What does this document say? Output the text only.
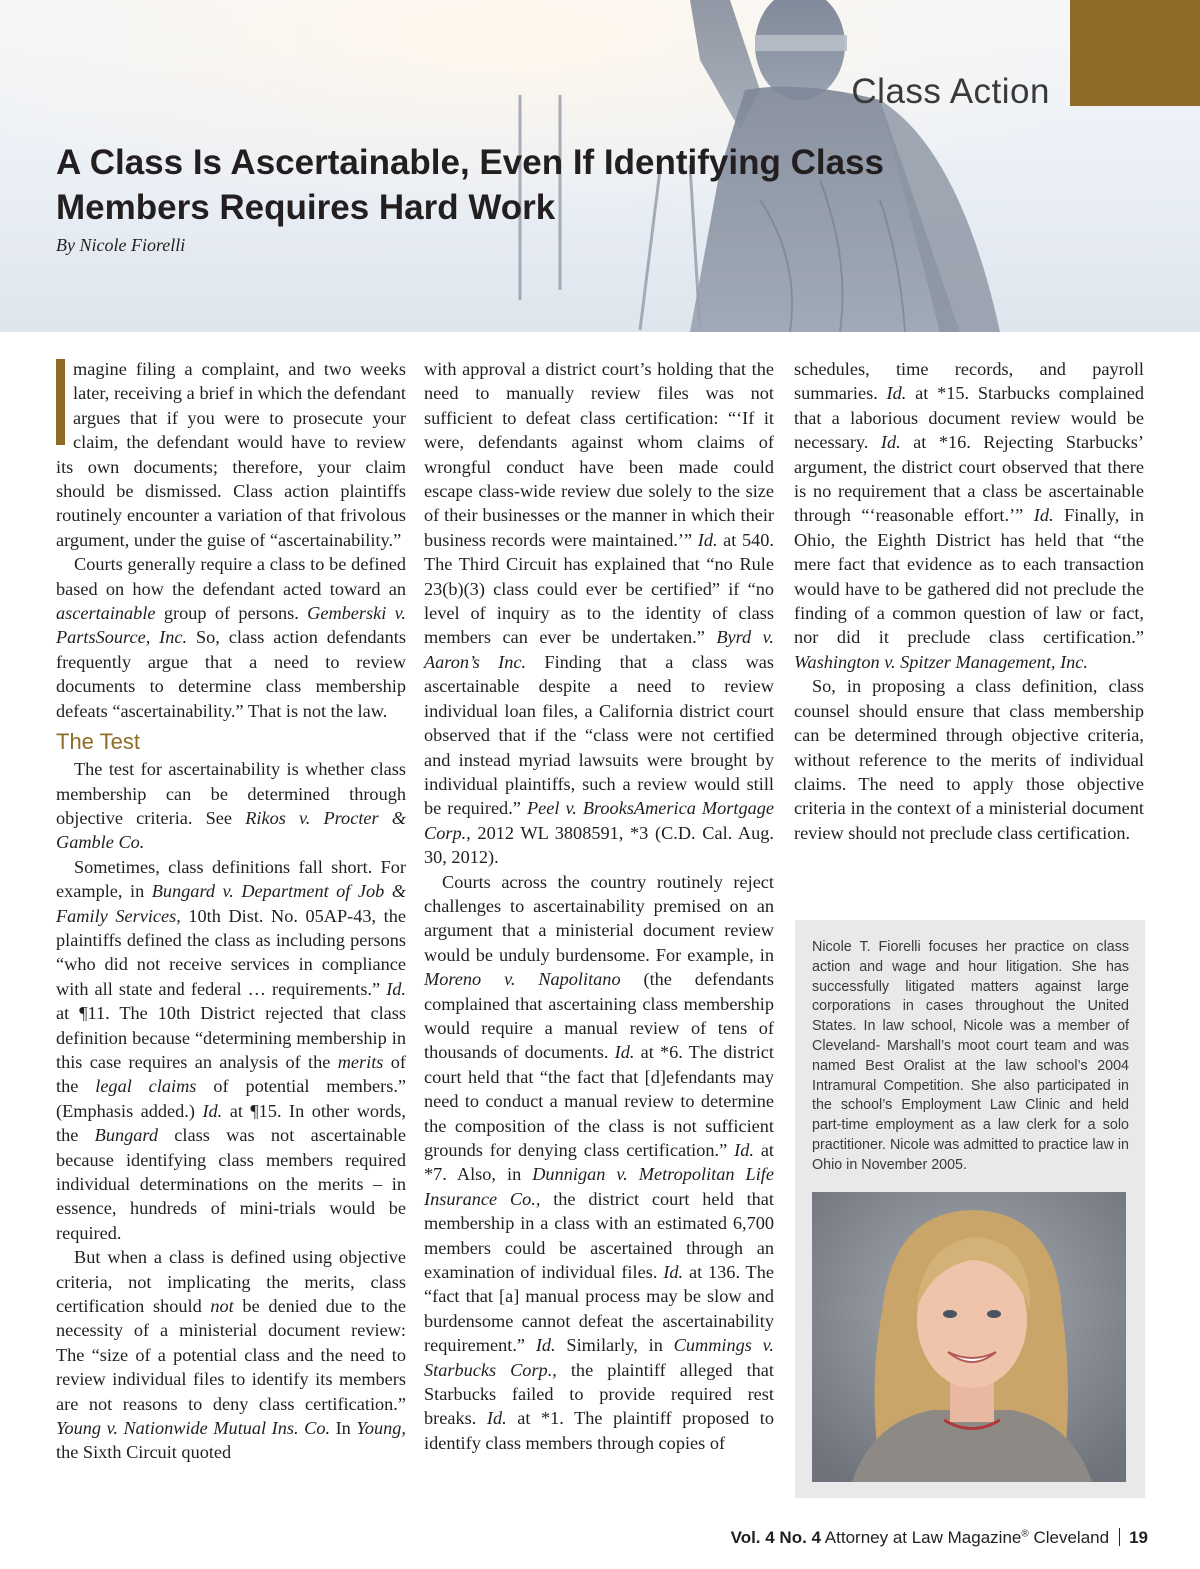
Class Action
A Class Is Ascertainable, Even If Identifying Class Members Requires Hard Work
By Nicole Fiorelli

magine filing a complaint, and two weeks later, receiving a brief in which the defendant argues that if you were to prosecute your claim, the defendant would have to review its own documents; therefore, your claim should be dismissed. Class action plaintiffs routinely encounter a variation of that frivolous argument, under the guise of “ascertainability.”

Courts generally require a class to be defined based on how the defendant acted toward an ascertainable group of persons. Gemberski v. PartsSource, Inc. So, class action defendants frequently argue that a need to review documents to determine class membership defeats “ascertainability.” That is not the law.

The Test

The test for ascertainability is whether class membership can be determined through objective criteria. See Rikos v. Procter & Gamble Co.

Sometimes, class definitions fall short. For example, in Bungard v. Department of Job & Family Services, 10th Dist. No. 05AP-43, the plaintiffs defined the class as including persons “who did not receive services in compliance with all state and federal … requirements.” Id. at ¶11. The 10th District rejected that class definition because “determining membership in this case requires an analysis of the merits of the legal claims of potential members.” (Emphasis added.) Id. at ¶15. In other words, the Bungard class was not ascertainable because identifying class members required individual determinations on the merits – in essence, hundreds of mini-trials would be required.

But when a class is defined using objective criteria, not implicating the merits, class certification should not be denied due to the necessity of a ministerial document review: The “size of a potential class and the need to review individual files to identify its members are not reasons to deny class certification.” Young v. Nationwide Mutual Ins. Co. In Young, the Sixth Circuit quoted

with approval a district court’s holding that the need to manually review files was not sufficient to defeat class certification: “‘If it were, defendants against whom claims of wrongful conduct have been made could escape class-wide review due solely to the size of their businesses or the manner in which their business records were maintained.’” Id. at 540. The Third Circuit has explained that “no Rule 23(b)(3) class could ever be certified” if “no level of inquiry as to the identity of class members can ever be undertaken.” Byrd v. Aaron’s Inc. Finding that a class was ascertainable despite a need to review individual loan files, a California district court observed that if the “class were not certified and instead myriad lawsuits were brought by individual plaintiffs, such a review would still be required.” Peel v. BrooksAmerica Mortgage Corp., 2012 WL 3808591, *3 (C.D. Cal. Aug. 30, 2012).

Courts across the country routinely reject challenges to ascertainability premised on an argument that a ministerial document review would be unduly burdensome. For example, in Moreno v. Napolitano (the defendants complained that ascertaining class membership would require a manual review of tens of thousands of documents. Id. at *6. The district court held that “the fact that [d]efendants may need to conduct a manual review to determine the composition of the class is not sufficient grounds for denying class certification.” Id. at *7. Also, in Dunnigan v. Metropolitan Life Insurance Co., the district court held that membership in a class with an estimated 6,700 members could be ascertained through an examination of individual files. Id. at 136. The “fact that [a] manual process may be slow and burdensome cannot defeat the ascertainability requirement.” Id. Similarly, in Cummings v. Starbucks Corp., the plaintiff alleged that Starbucks failed to provide required rest breaks. Id. at *1. The plaintiff proposed to identify class members through copies of

schedules, time records, and payroll summaries. Id. at *15. Starbucks complained that a laborious document review would be necessary. Id. at *16. Rejecting Starbucks’ argument, the district court observed that there is no requirement that a class be ascertainable through “‘reasonable effort.’” Id. Finally, in Ohio, the Eighth District has held that “the mere fact that evidence as to each transaction would have to be gathered did not preclude the finding of a common question of law or fact, nor did it preclude class certification.” Washington v. Spitzer Management, Inc.

So, in proposing a class definition, class counsel should ensure that class membership can be determined through objective criteria, without reference to the merits of individual claims. The need to apply those objective criteria in the context of a ministerial document review should not preclude class certification.

Nicole T. Fiorelli focuses her practice on class action and wage and hour litigation. She has successfully litigated matters against large corporations in cases throughout the United States. In law school, Nicole was a member of Cleveland- Marshall’s moot court team and was named Best Oralist at the law school’s 2004 Intramural Competition. She also participated in the school’s Employment Law Clinic and held part-time employment as a law clerk for a solo practitioner. Nicole was admitted to practice law in Ohio in November 2005.

Vol. 4 No. 4 Attorney at Law Magazine® Cleveland 19
